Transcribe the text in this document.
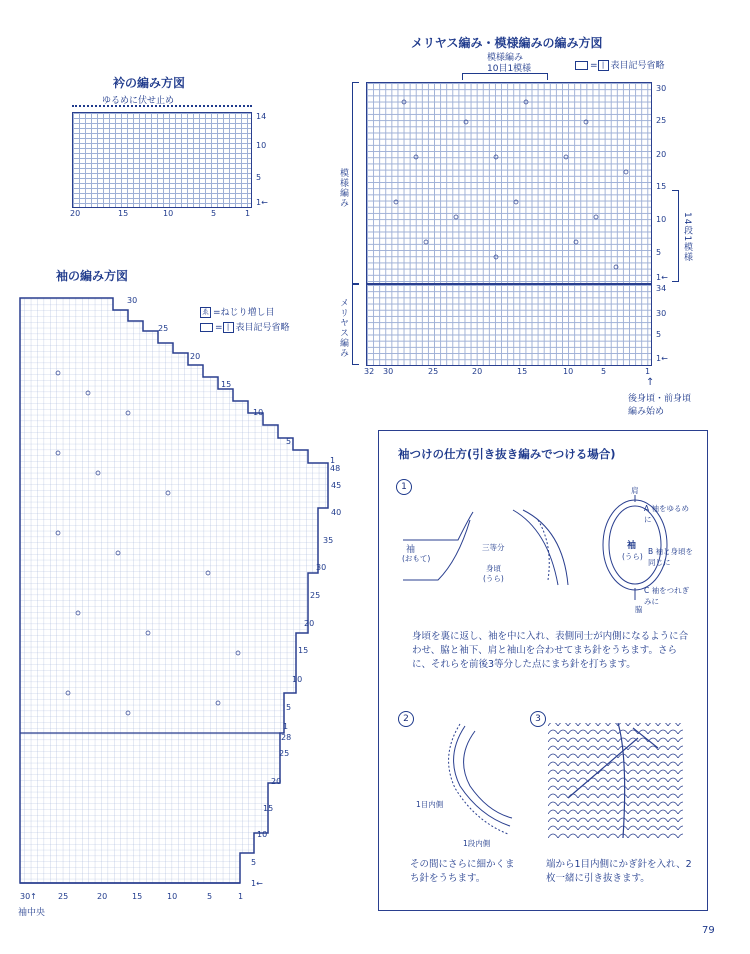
衿の編み方図
ゆるめに伏せ止め
14
10
5
1←
20	15	10	5	1
袖の編み方図
ゑ =ねじり増し目
= | 表目記号省略
30
25
20
15
10
5
1
48
45
40
35
30
25
20
15
10
5
1
28
25
20
15
10
5
1←
30↑	25	20	15	10	5	1
袖中央
メリヤス編み・模様編みの編み方図
模様編み
10目1模様	= | 表目記号省略
30
25
20
15
10
5
1←
34
30
5
1←
14段1模様
模様編み
メリヤス編み
32 30	25	20	15	10	5	1
↑
後身頃・前身頃
編み始め
袖つけの仕方(引き抜き編みでつける場合)
1
袖
(おもて)
三等分
身頃
(うら)
肩
A 袖をゆるめに
B 袖と身頃を同じに
C 袖をつれぎみに
脇
袖
(うら)
身頃を裏に返し、袖を中に入れ、表側同士が内側になるように合わせ、脇と袖下、肩と袖山を合わせてまち針をうちます。さらに、それらを前後3等分した点にまち針を打ちます。
2
1目内側
1段内側
その間にさらに細かくまち針をうちます。
3
端から1目内側にかぎ針を入れ、2枚一緒に引き抜きます。
79
